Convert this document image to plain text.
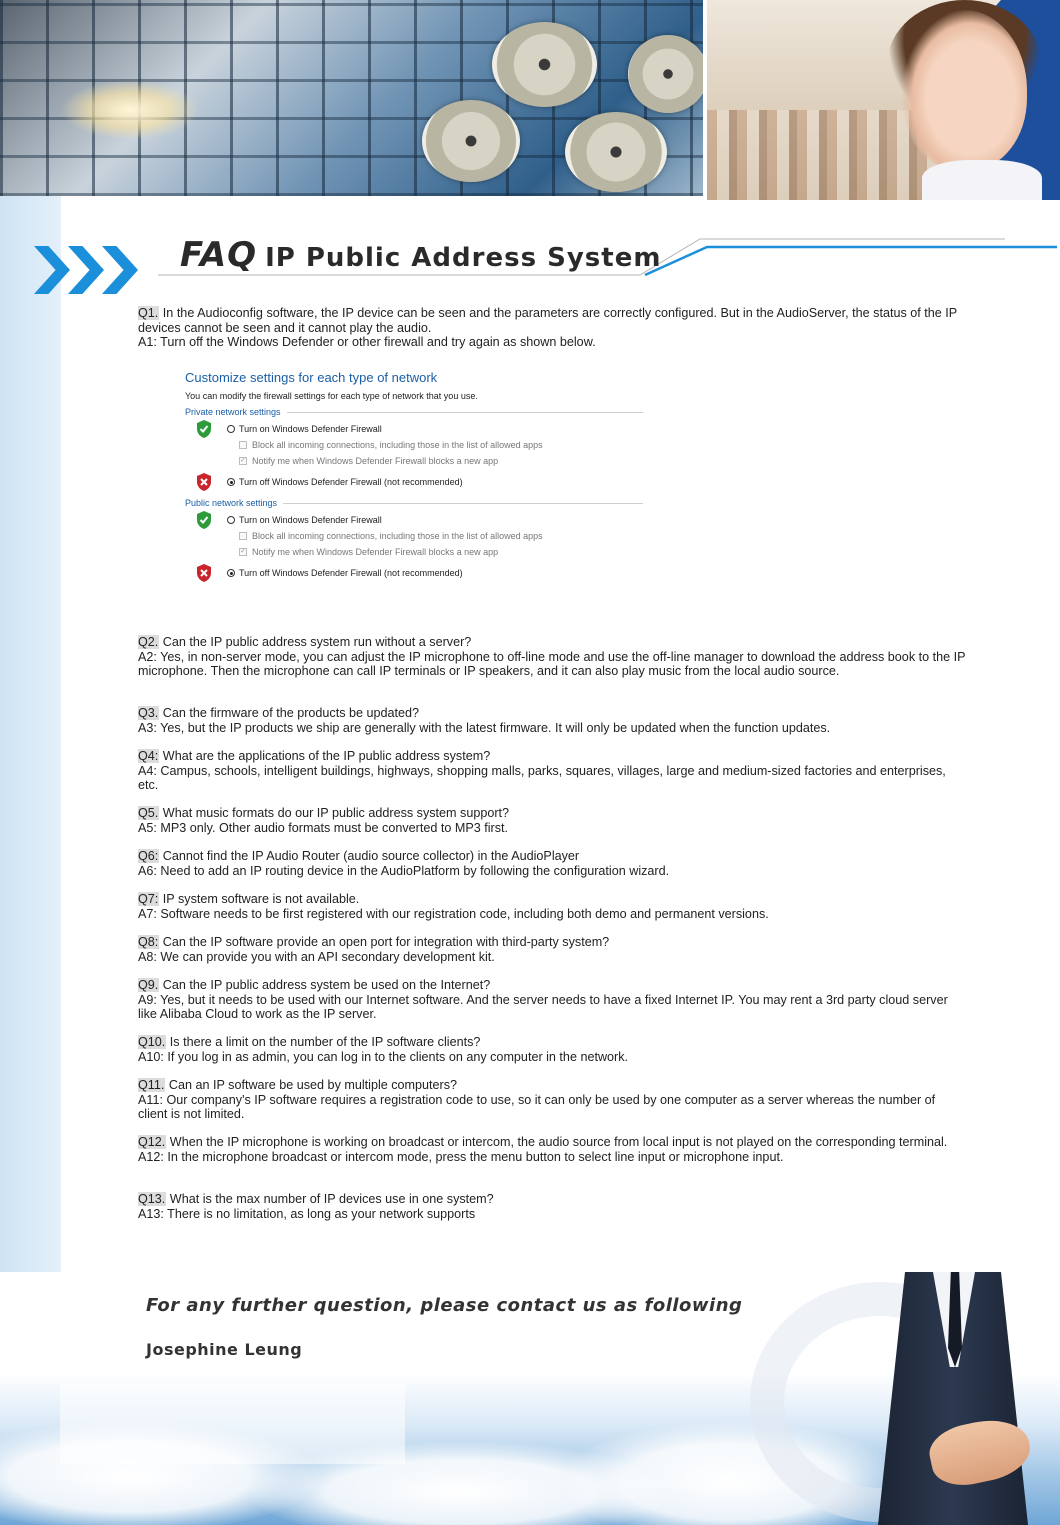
FAQ IP Public Address System

Q1. In the Audioconfig software, the IP device can be seen and the parameters are correctly configured. But in the AudioServer, the status of the IP devices cannot be seen and it cannot play the audio.

A1: Turn off the Windows Defender or other firewall and try again as shown below.

Customize settings for each type of network
You can modify the firewall settings for each type of network that you use.
Private network settings
Turn on Windows Defender Firewall
Block all incoming connections, including those in the list of allowed apps
✓ Notify me when Windows Defender Firewall blocks a new app
Turn off Windows Defender Firewall (not recommended)
Public network settings
Turn on Windows Defender Firewall
Block all incoming connections, including those in the list of allowed apps
✓ Notify me when Windows Defender Firewall blocks a new app
Turn off Windows Defender Firewall (not recommended)

Q2. Can the IP public address system run without a server?

A2: Yes, in non-server mode, you can adjust the IP microphone to off-line mode and use the off-line manager to download the address book to the IP microphone. Then the microphone can call IP terminals or IP speakers, and it can also play music from the local audio source.

Q3. Can the firmware of the products be updated?

A3: Yes, but the IP products we ship are generally with the latest firmware. It will only be updated when the function updates.

Q4: What are the applications of the IP public address system?

A4: Campus, schools, intelligent buildings, highways, shopping malls, parks, squares, villages, large and medium-sized factories and enterprises, etc.

Q5. What music formats do our IP public address system support?

A5: MP3 only. Other audio formats must be converted to MP3 first.

Q6: Cannot find the IP Audio Router (audio source collector) in the AudioPlayer

A6: Need to add an IP routing device in the AudioPlatform by following the configuration wizard.

Q7: IP system software is not available.

A7: Software needs to be first registered with our registration code, including both demo and permanent versions.

Q8: Can the IP software provide an open port for integration with third-party system?

A8: We can provide you with an API secondary development kit.

Q9. Can the IP public address system be used on the Internet?

A9: Yes, but it needs to be used with our Internet software. And the server needs to have a fixed Internet IP. You may rent a 3rd party cloud server like Alibaba Cloud to work as the IP server.

Q10. Is there a limit on the number of the IP software clients?

A10: If you log in as admin, you can log in to the clients on any computer in the network.

Q11. Can an IP software be used by multiple computers?

A11: Our company's IP software requires a registration code to use, so it can only be used by one computer as a server whereas the number of client is not limited.

Q12. When the IP microphone is working on broadcast or intercom, the audio source from local input is not played on the corresponding terminal.

A12: In the microphone broadcast or intercom mode, press the menu button to select line input or microphone input.

Q13. What is the max number of IP devices use in one system?

A13: There is no limitation, as long as your network supports

For any further question, please contact us as following
Josephine Leung
